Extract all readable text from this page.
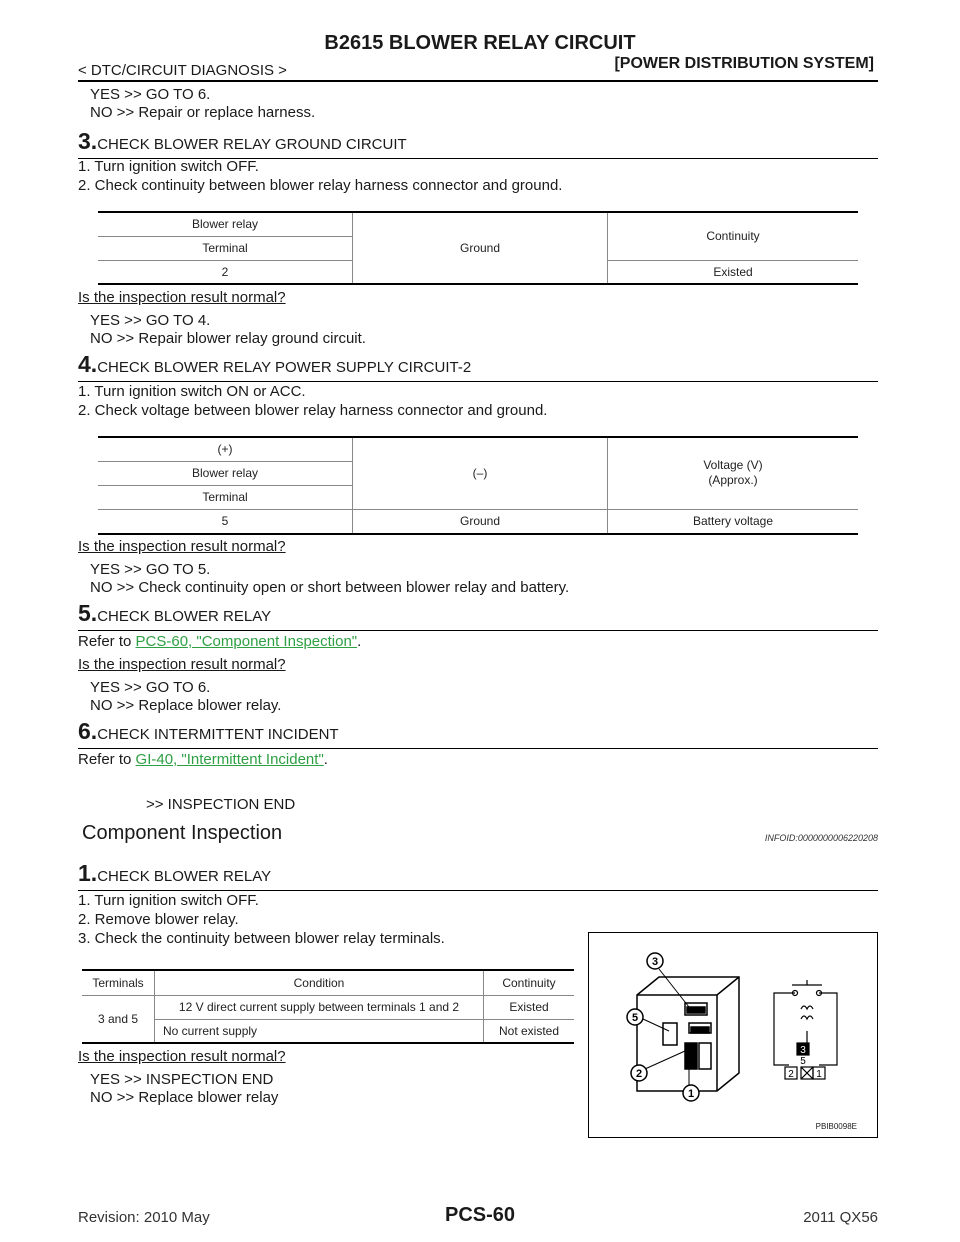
B2615 BLOWER RELAY CIRCUIT
< DTC/CIRCUIT DIAGNOSIS >	[POWER DISTRIBUTION SYSTEM]
YES >> GO TO 6.
NO >> Repair or replace harness.
3.CHECK BLOWER RELAY GROUND CIRCUIT
1. Turn ignition switch OFF.
2. Check continuity between blower relay harness connector and ground.
Blower relay	Ground	Continuity
Terminal		
2		Existed
Is the inspection result normal?
YES >> GO TO 4.
NO >> Repair blower relay ground circuit.
4.CHECK BLOWER RELAY POWER SUPPLY CIRCUIT-2
1. Turn ignition switch ON or ACC.
2. Check voltage between blower relay harness connector and ground.
(+)	(–)	Voltage (V)
(Approx.)
Blower relay		
Terminal		
5	Ground	Battery voltage
Is the inspection result normal?
YES >> GO TO 5.
NO >> Check continuity open or short between blower relay and battery.
5.CHECK BLOWER RELAY
Refer to PCS-60, "Component Inspection".
Is the inspection result normal?
YES >> GO TO 6.
NO >> Replace blower relay.
6.CHECK INTERMITTENT INCIDENT
Refer to GI-40, "Intermittent Incident".
>> INSPECTION END
Component Inspection	INFOID:0000000006220208
1.CHECK BLOWER RELAY
1. Turn ignition switch OFF.
2. Remove blower relay.
3. Check the continuity between blower relay terminals.
Terminals	Condition	Continuity
3 and 5	12 V direct current supply between terminals 1 and 2	Existed
	No current supply	Not existed
Is the inspection result normal?
YES >> INSPECTION END
NO >> Replace blower relay
3
5
2
1
3
5
2 1
PBIB0098E
Revision: 2010 May	PCS-60	2011 QX56
